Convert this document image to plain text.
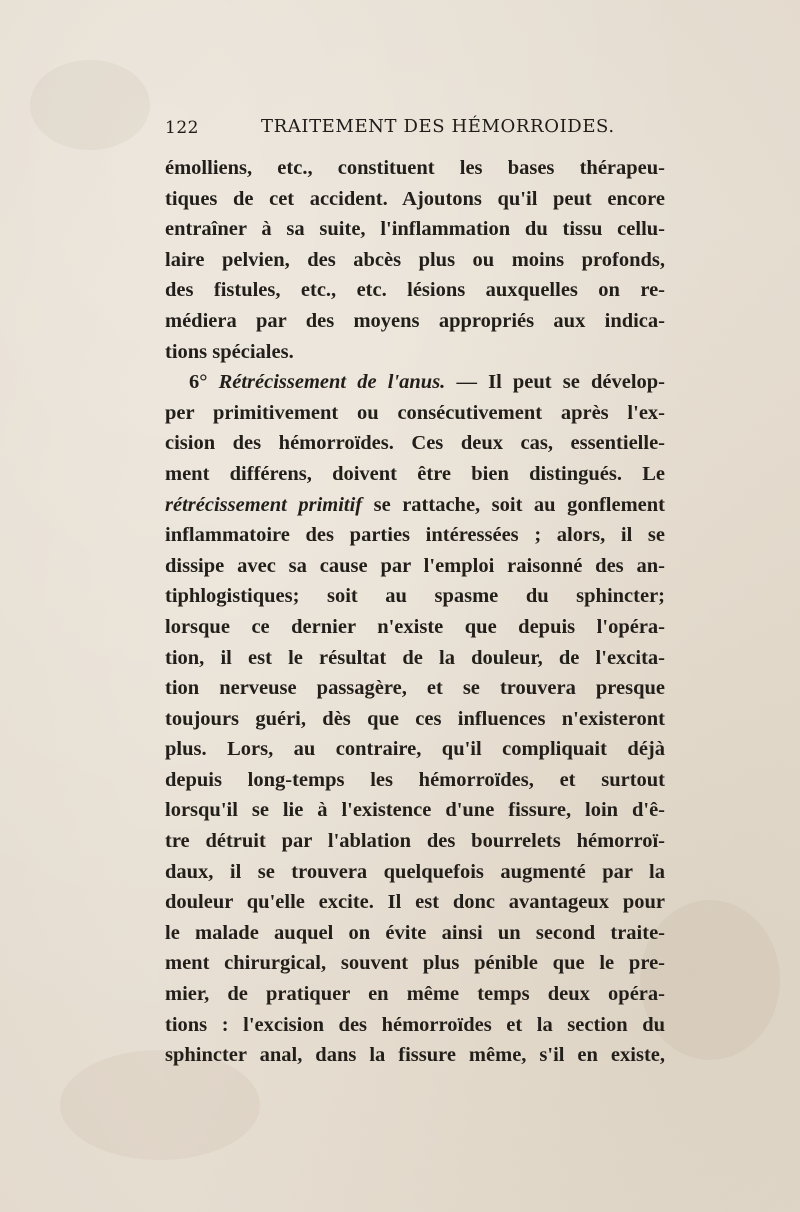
122	TRAITEMENT DES HÉMORROIDES.
émolliens, etc., constituent les bases thérapeu-
tiques de cet accident. Ajoutons qu'il peut encore
entraîner à sa suite, l'inflammation du tissu cellu-
laire pelvien, des abcès plus ou moins profonds,
des fistules, etc., etc. lésions auxquelles on re-
médiera par des moyens appropriés aux indica-
tions spéciales.
6° Rétrécissement de l'anus. — Il peut se dévelop-
per primitivement ou consécutivement après l'ex-
cision des hémorroïdes. Ces deux cas, essentielle-
ment différens, doivent être bien distingués. Le
rétrécissement primitif se rattache, soit au gonflement
inflammatoire des parties intéressées ; alors, il se
dissipe avec sa cause par l'emploi raisonné des an-
tiphlogistiques; soit au spasme du sphincter;
lorsque ce dernier n'existe que depuis l'opéra-
tion, il est le résultat de la douleur, de l'excita-
tion nerveuse passagère, et se trouvera presque
toujours guéri, dès que ces influences n'existeront
plus. Lors, au contraire, qu'il compliquait déjà
depuis long-temps les hémorroïdes, et surtout
lorsqu'il se lie à l'existence d'une fissure, loin d'ê-
tre détruit par l'ablation des bourrelets hémorroï-
daux, il se trouvera quelquefois augmenté par la
douleur qu'elle excite. Il est donc avantageux pour
le malade auquel on évite ainsi un second traite-
ment chirurgical, souvent plus pénible que le pre-
mier, de pratiquer en même temps deux opéra-
tions : l'excision des hémorroïdes et la section du
sphincter anal, dans la fissure même, s'il en existe,
